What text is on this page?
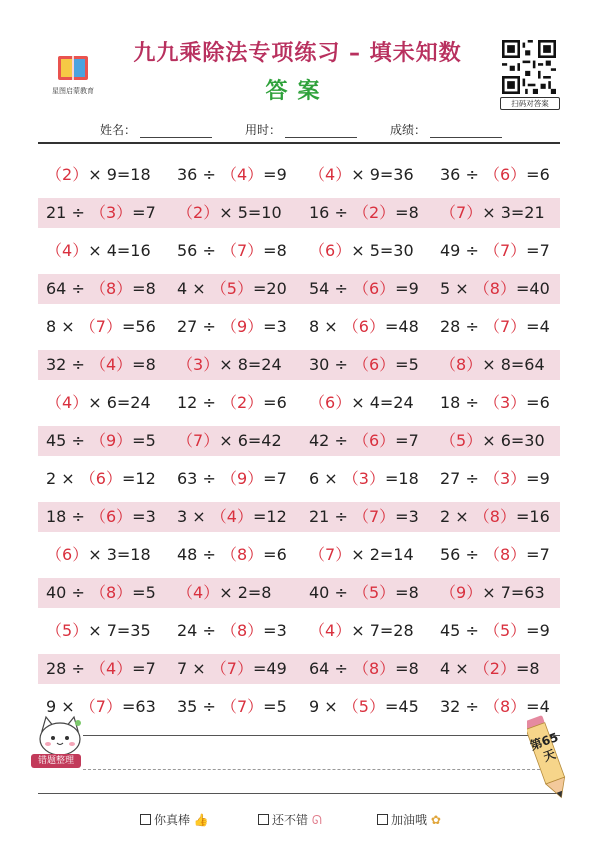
星图启蒙教育
九九乘除法专项练习 – 填未知数
答案	扫码对答案
姓名：	用时：	成绩：
（2）× 9=18 36 ÷ （4）=9 （4）× 9=36 36 ÷ （6）=6
21 ÷ （3）=7 （2）× 5=10 16 ÷ （2）=8 （7）× 3=21
（4）× 4=16 56 ÷ （7）=8 （6）× 5=30 49 ÷ （7）=7
64 ÷ （8）=8 4 × （5）=20 54 ÷ （6）=9 5 × （8）=40
8 × （7）=56 27 ÷ （9）=3 8 × （6）=48 28 ÷ （7）=4
32 ÷ （4）=8 （3）× 8=24 30 ÷ （6）=5 （8）× 8=64
（4）× 6=24 12 ÷ （2）=6 （6）× 4=24 18 ÷ （3）=6
45 ÷ （9）=5 （7）× 6=42 42 ÷ （6）=7 （5）× 6=30
2 × （6）=12 63 ÷ （9）=7 6 × （3）=18 27 ÷ （3）=9
18 ÷ （6）=3 3 × （4）=12 21 ÷ （7）=3 2 × （8）=16
（6）× 3=18 48 ÷ （8）=6 （7）× 2=14 56 ÷ （8）=7
40 ÷ （8）=5 （4）× 2=8 40 ÷ （5）=8 （9）× 7=63
（5）× 7=35 24 ÷ （8）=3 （4）× 7=28 45 ÷ （5）=9
28 ÷ （4）=7 7 × （7）=49 64 ÷ （8）=8 4 × （2）=8
9 × （7）=63 35 ÷ （7）=5 9 × （5）=45 32 ÷ （8）=4
错题整理
第65天
你真棒 👍	还不错 ᘏ	加油哦 ✿
